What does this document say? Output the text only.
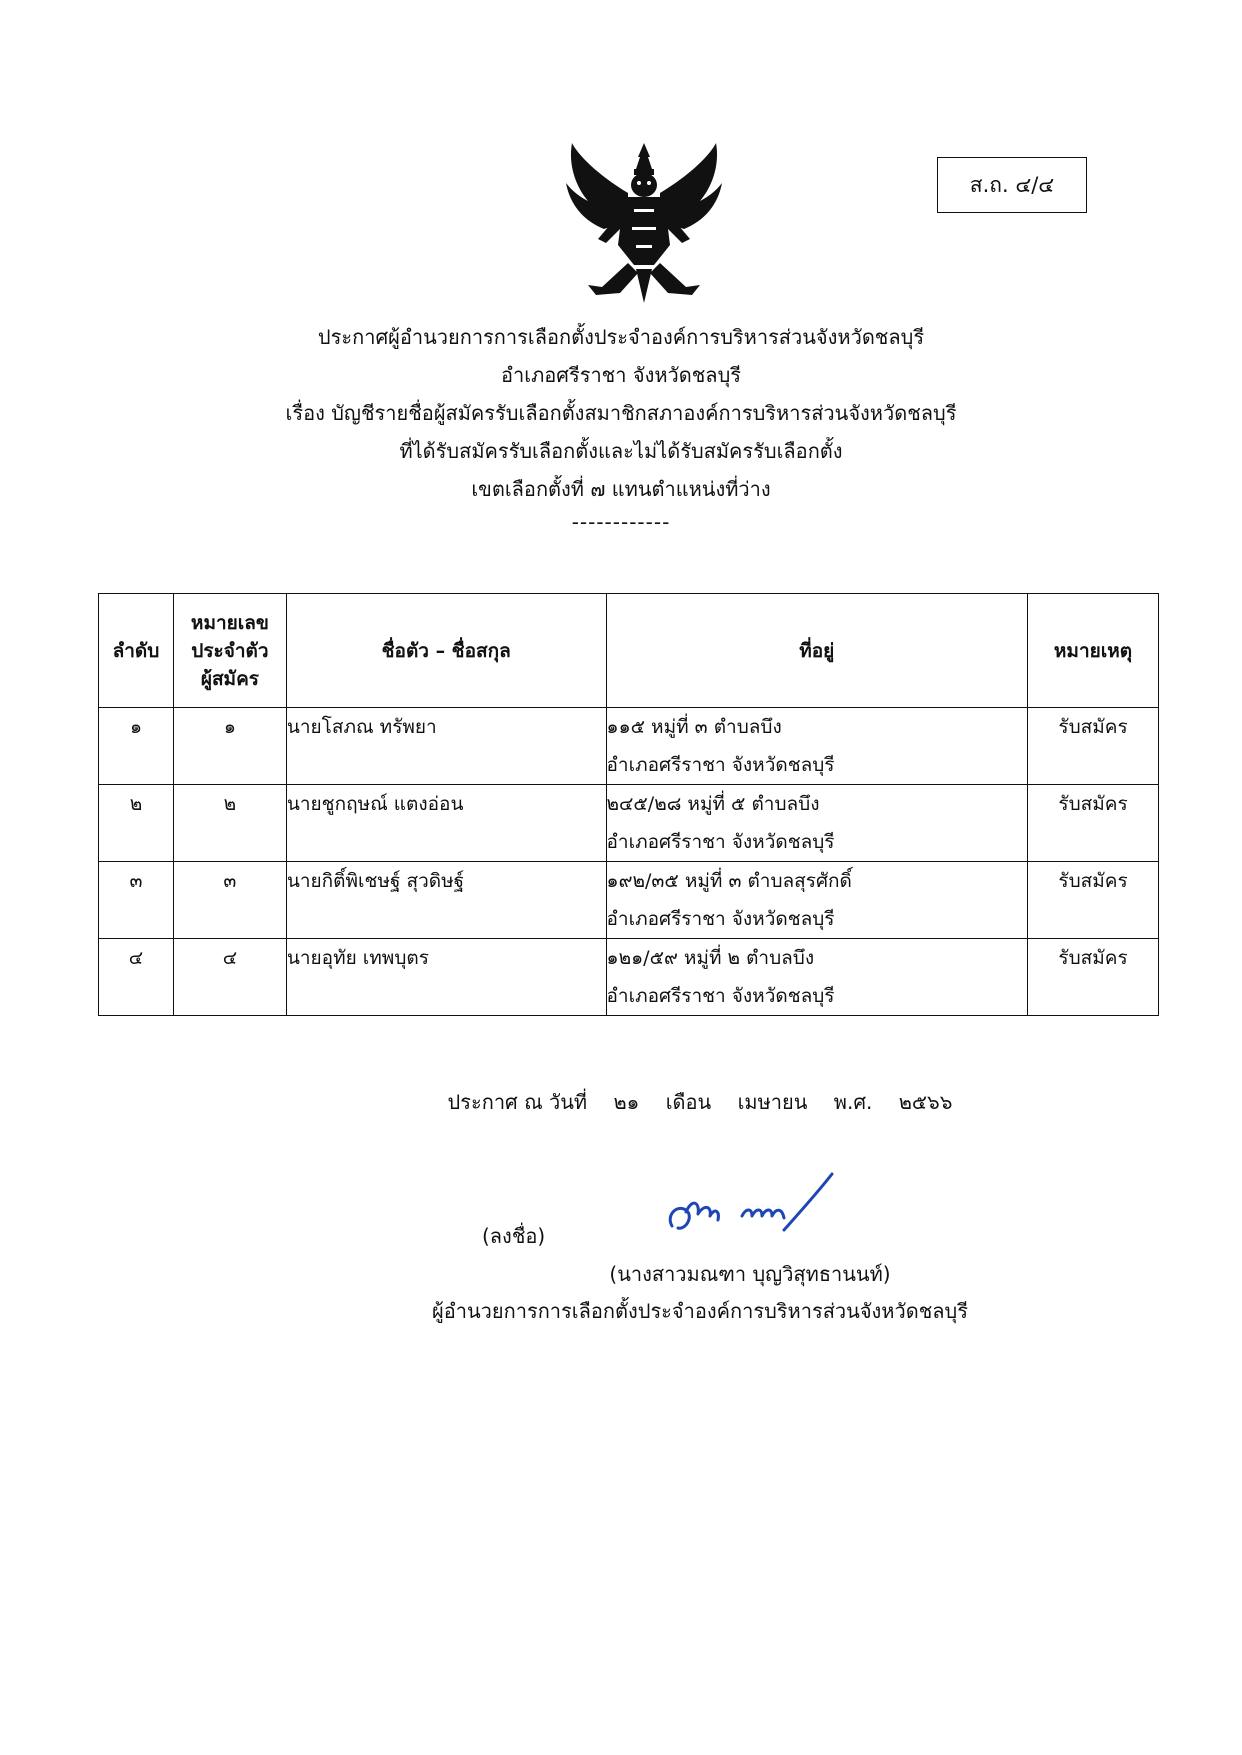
ส.ถ. ๔/๔
ประกาศผู้อำนวยการการเลือกตั้งประจำองค์การบริหารส่วนจังหวัดชลบุรี
อำเภอศรีราชา จังหวัดชลบุรี
เรื่อง บัญชีรายชื่อผู้สมัครรับเลือกตั้งสมาชิกสภาองค์การบริหารส่วนจังหวัดชลบุรี
ที่ได้รับสมัครรับเลือกตั้งและไม่ได้รับสมัครรับเลือกตั้ง
เขตเลือกตั้งที่ ๗ แทนตำแหน่งที่ว่าง
------------
ลำดับ	หมายเลข
ประจำตัว
ผู้สมัคร	ชื่อตัว – ชื่อสกุล	ที่อยู่	หมายเหตุ
๑	๑	นายโสภณ ทรัพยา	๑๑๕ หมู่ที่ ๓ ตำบลบึง
อำเภอศรีราชา จังหวัดชลบุรี	รับสมัคร
๒	๒	นายชูกฤษณ์ แตงอ่อน	๒๔๕/๒๘ หมู่ที่ ๕ ตำบลบึง
อำเภอศรีราชา จังหวัดชลบุรี	รับสมัคร
๓	๓	นายกิติ์พิเชษฐ์ สุวดิษฐ์	๑๙๒/๓๕ หมู่ที่ ๓ ตำบลสุรศักดิ์
อำเภอศรีราชา จังหวัดชลบุรี	รับสมัคร
๔	๔	นายอุทัย เทพบุตร	๑๒๑/๕๙ หมู่ที่ ๒ ตำบลบึง
อำเภอศรีราชา จังหวัดชลบุรี	รับสมัคร
ประกาศ ณ วันที่ ๒๑ เดือน เมษายน พ.ศ. ๒๕๖๖
(ลงชื่อ)
(นางสาวมณฑา บุญวิสุทธานนท์)
ผู้อำนวยการการเลือกตั้งประจำองค์การบริหารส่วนจังหวัดชลบุรี
